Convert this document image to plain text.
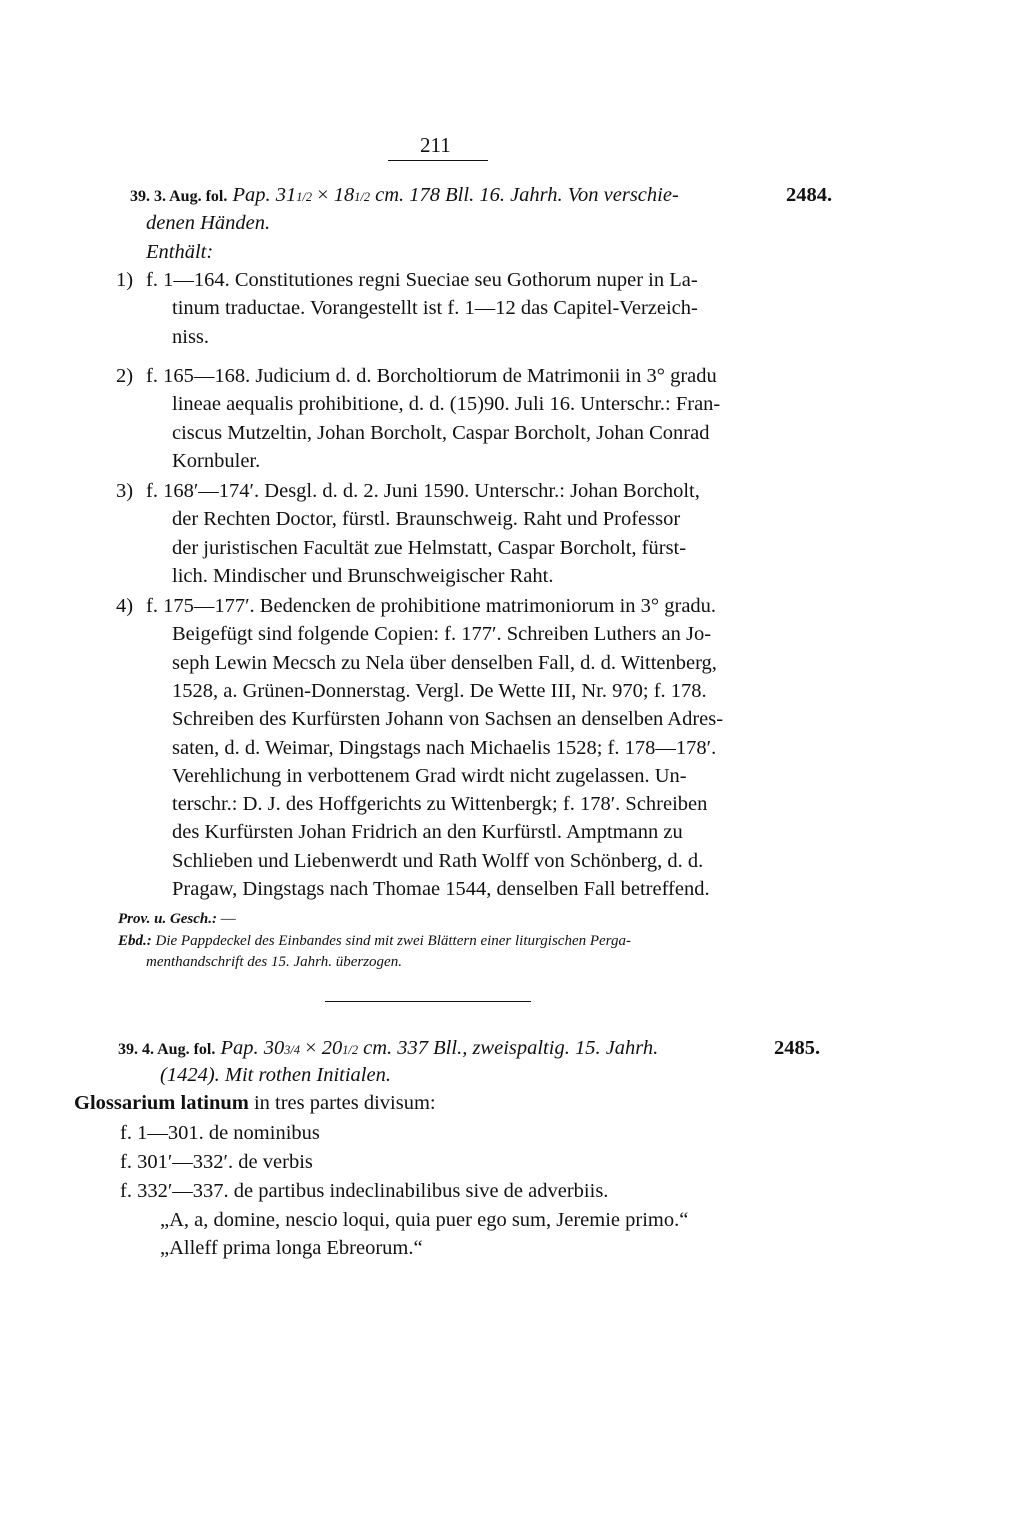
211
39. 3. Aug. fol. Pap. 311/2 × 181/2 cm. 178 Bll. 16. Jahrh. Von verschie-	2484.
denen Händen.
Enthält:
1) f. 1—164. Constitutiones regni Sueciae seu Gothorum nuper in La-
tinum traductae. Vorangestellt ist f. 1—12 das Capitel-Verzeich-
niss.
2) f. 165—168. Judicium d. d. Borcholtiorum de Matrimonii in 3° gradu
lineae aequalis prohibitione, d. d. (15)90. Juli 16. Unterschr.: Fran-
ciscus Mutzeltin, Johan Borcholt, Caspar Borcholt, Johan Conrad
Kornbuler.
3) f. 168′—174′. Desgl. d. d. 2. Juni 1590. Unterschr.: Johan Borcholt,
der Rechten Doctor, fürstl. Braunschweig. Raht und Professor
der juristischen Facultät zue Helmstatt, Caspar Borcholt, fürst-
lich. Mindischer und Brunschweigischer Raht.
4) f. 175—177′. Bedencken de prohibitione matrimoniorum in 3° gradu.
Beigefügt sind folgende Copien: f. 177′. Schreiben Luthers an Jo-
seph Lewin Mecsch zu Nela über denselben Fall, d. d. Wittenberg,
1528, a. Grünen-Donnerstag. Vergl. De Wette III, Nr. 970; f. 178.
Schreiben des Kurfürsten Johann von Sachsen an denselben Adres-
saten, d. d. Weimar, Dingstags nach Michaelis 1528; f. 178—178′.
Verehlichung in verbottenem Grad wirdt nicht zugelassen. Un-
terschr.: D. J. des Hoffgerichts zu Wittenbergk; f. 178′. Schreiben
des Kurfürsten Johan Fridrich an den Kurfürstl. Amptmann zu
Schlieben und Liebenwerdt und Rath Wolff von Schönberg, d. d.
Pragaw, Dingstags nach Thomae 1544, denselben Fall betreffend.
Prov. u. Gesch.: —
Ebd.: Die Pappdeckel des Einbandes sind mit zwei Blättern einer liturgischen Perga-
menthandschrift des 15. Jahrh. überzogen.
39. 4. Aug. fol. Pap. 303/4 × 201/2 cm. 337 Bll., zweispaltig. 15. Jahrh.	2485.
(1424). Mit rothen Initialen.
Glossarium latinum in tres partes divisum:
f. 1—301. de nominibus
f. 301′—332′. de verbis
f. 332′—337. de partibus indeclinabilibus sive de adverbiis.
„A, a, domine, nescio loqui, quia puer ego sum, Jeremie primo.“
„Alleff prima longa Ebreorum.“
